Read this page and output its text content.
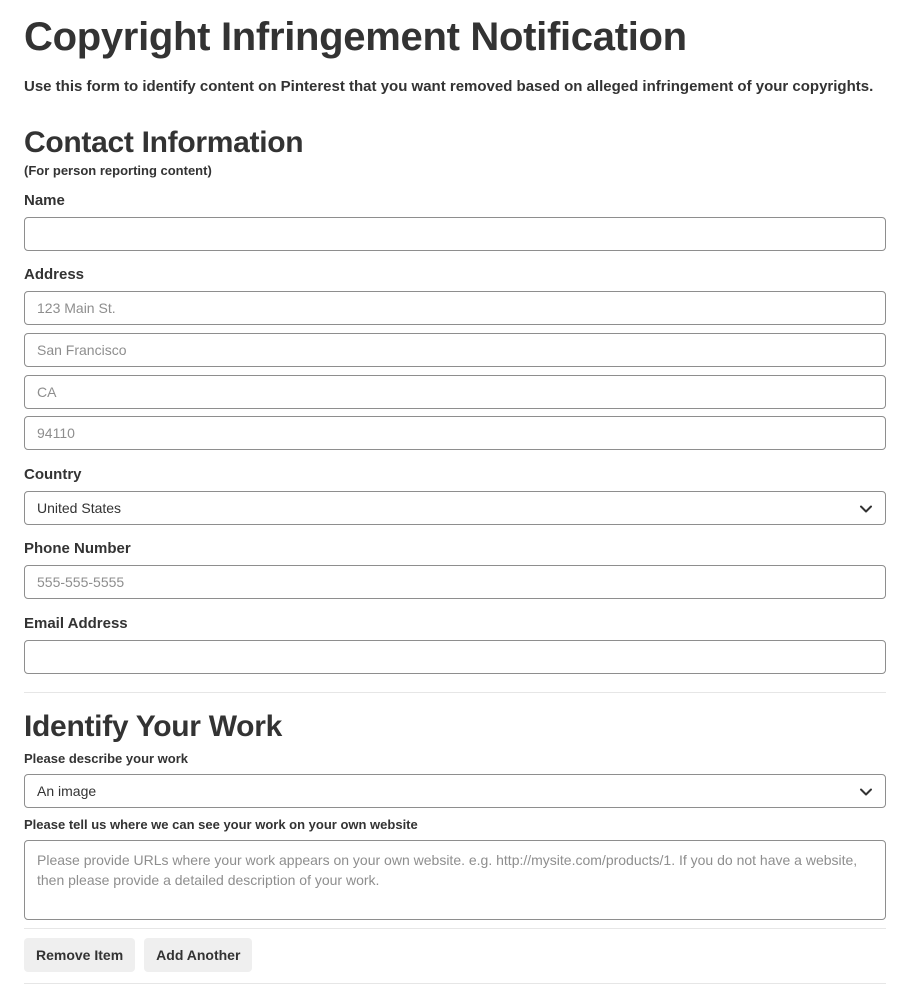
Copyright Infringement Notification

Use this form to identify content on Pinterest that you want removed based on alleged infringement of your copyrights.

Contact Information

(For person reporting content)

Name
Address
123 Main St.
San Francisco
CA
94110
Country
United States
Phone Number
555-555-5555
Email Address
Identify Your Work
Please describe your work
An image
Please tell us where we can see your work on your own website
Please provide URLs where your work appears on your own website. e.g. http://mysite.com/products/1. If you do not have a website, then please provide a detailed description of your work.
Remove Item	Add Another
